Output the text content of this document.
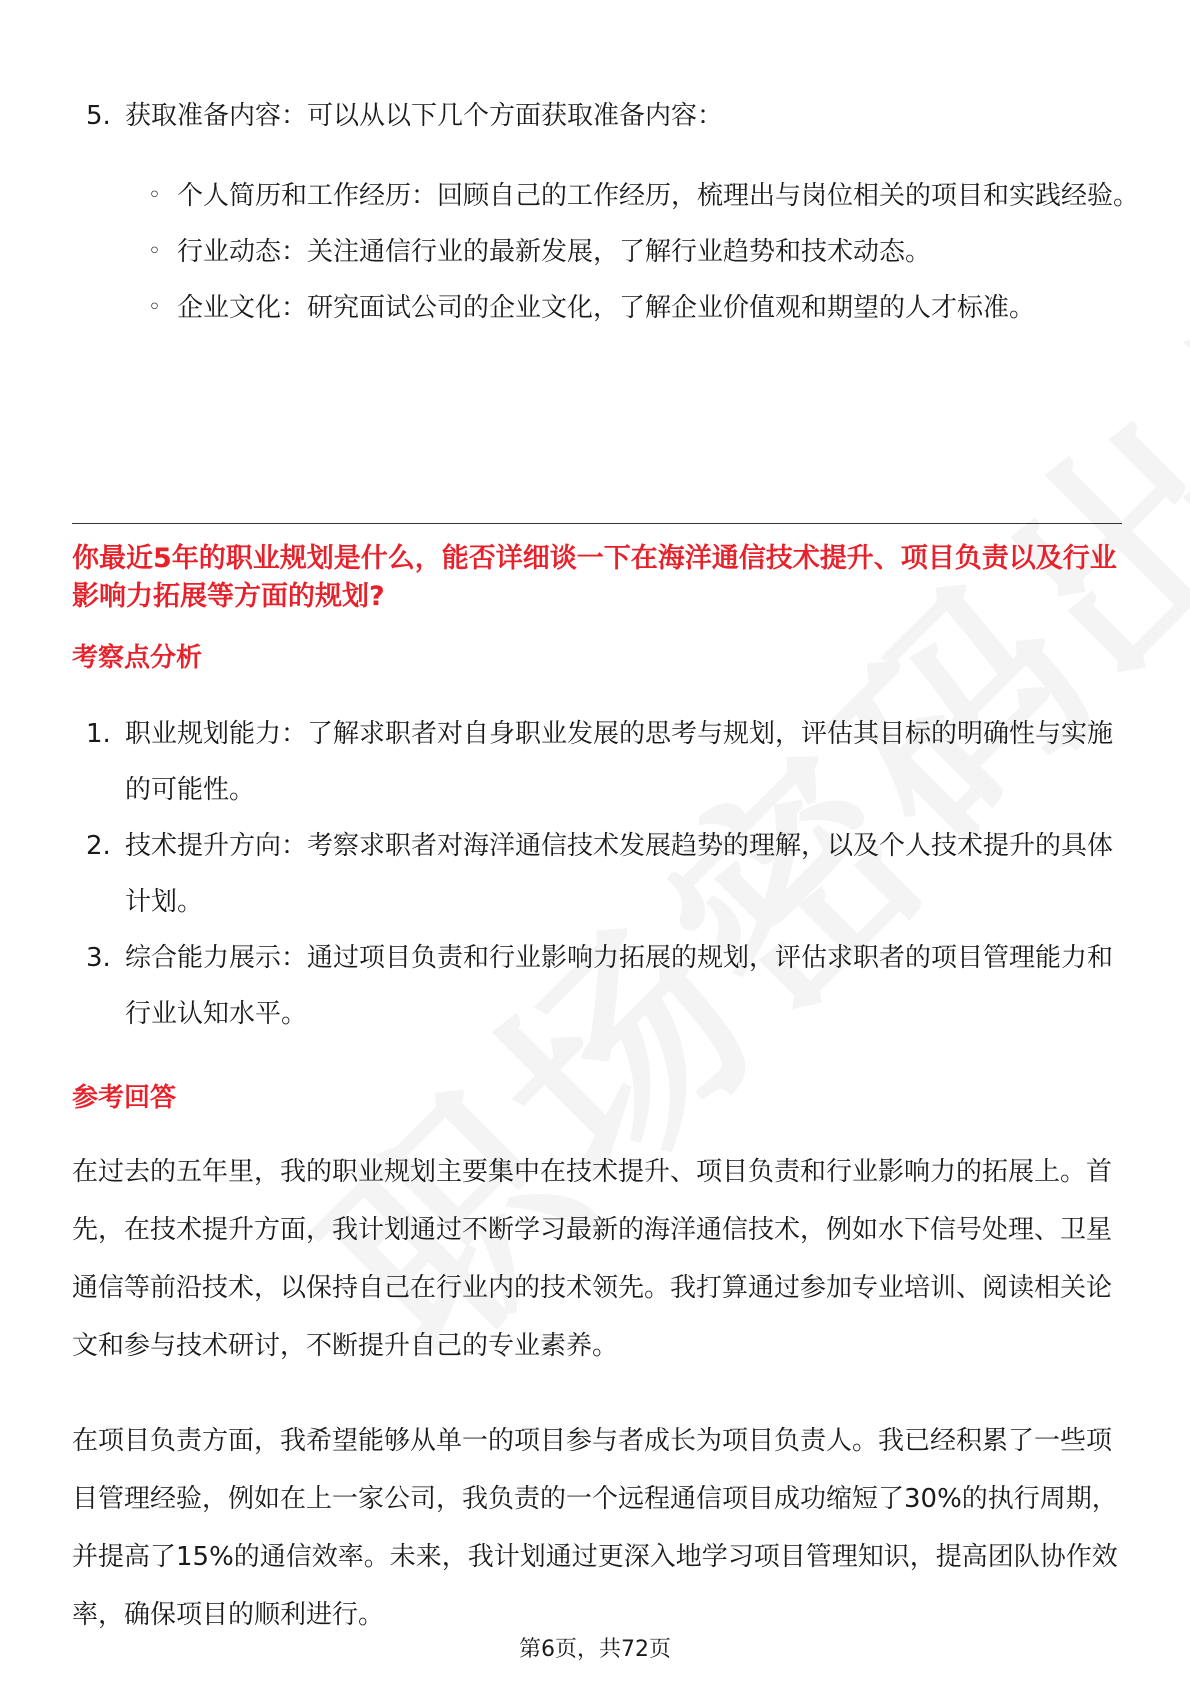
5. 获取准备内容：可以从以下几个方面获取准备内容：
◦ 个人简历和工作经历：回顾自己的工作经历，梳理出与岗位相关的项目和实践经验。
◦ 行业动态：关注通信行业的最新发展，了解行业趋势和技术动态。
◦ 企业文化：研究面试公司的企业文化，了解企业价值观和期望的人才标准。
你最近5年的职业规划是什么，能否详细谈一下在海洋通信技术提升、项目负责以及行业影响力拓展等方面的规划?
考察点分析
1. 职业规划能力：了解求职者对自身职业发展的思考与规划，评估其目标的明确性与实施的可能性。
2. 技术提升方向：考察求职者对海洋通信技术发展趋势的理解，以及个人技术提升的具体计划。
3. 综合能力展示：通过项目负责和行业影响力拓展的规划，评估求职者的项目管理能力和行业认知水平。
参考回答
在过去的五年里，我的职业规划主要集中在技术提升、项目负责和行业影响力的拓展上。首先，在技术提升方面，我计划通过不断学习最新的海洋通信技术，例如水下信号处理、卫星通信等前沿技术，以保持自己在行业内的技术领先。我打算通过参加专业培训、阅读相关论文和参与技术研讨，不断提升自己的专业素养。
在项目负责方面，我希望能够从单一的项目参与者成长为项目负责人。我已经积累了一些项目管理经验，例如在上一家公司，我负责的一个远程通信项目成功缩短了30%的执行周期，并提高了15%的通信效率。未来，我计划通过更深入地学习项目管理知识，提高团队协作效率，确保项目的顺利进行。
第6页，共72页
